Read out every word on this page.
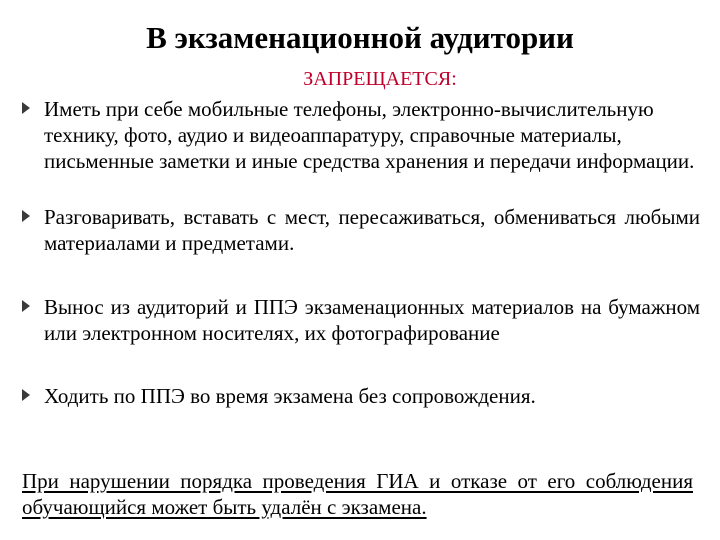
В экзаменационной аудитории
ЗАПРЕЩАЕТСЯ:
Иметь при себе мобильные телефоны, электронно-вычислительную технику, фото, аудио и видеоаппаратуру, справочные материалы, письменные заметки и иные средства хранения и передачи информации.
Разговаривать, вставать с мест, пересаживаться, обмениваться любыми материалами и предметами.
Вынос из аудиторий и ППЭ экзаменационных материалов на бумажном или электронном носителях, их фотографирование
Ходить по ППЭ во время экзамена без сопровождения.

При нарушении порядка проведения ГИА и отказе от его соблюдения обучающийся может быть удалён с экзамена.
